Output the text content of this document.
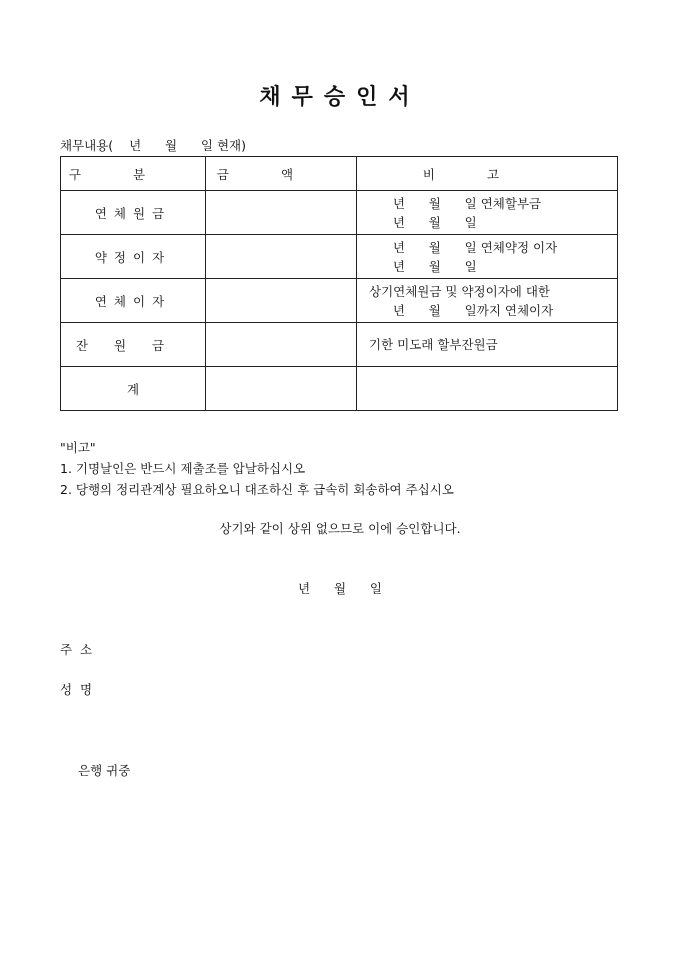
채무승인서
채무내용(    년      월      일 현재)
구분	금액	비고
연체원금		년      월      일 연체할부금
년      월      일

약정이자		년      월      일 연체약정 이자
년      월      일

연체이자		상기연체원금 및 약정이자에 대한
년      월      일까지 연체이자

잔원금		기한 미도래 할부잔원금

계		
"비고"
1. 기명날인은 반드시 제출조를 압날하십시오
2. 당행의 정리관계상 필요하오니 대조하신 후 급속히 회송하여 주십시오
상기와 같이 상위 없으므로 이에 승인합니다.
년      월      일
주  소
성  명
은행 귀중
